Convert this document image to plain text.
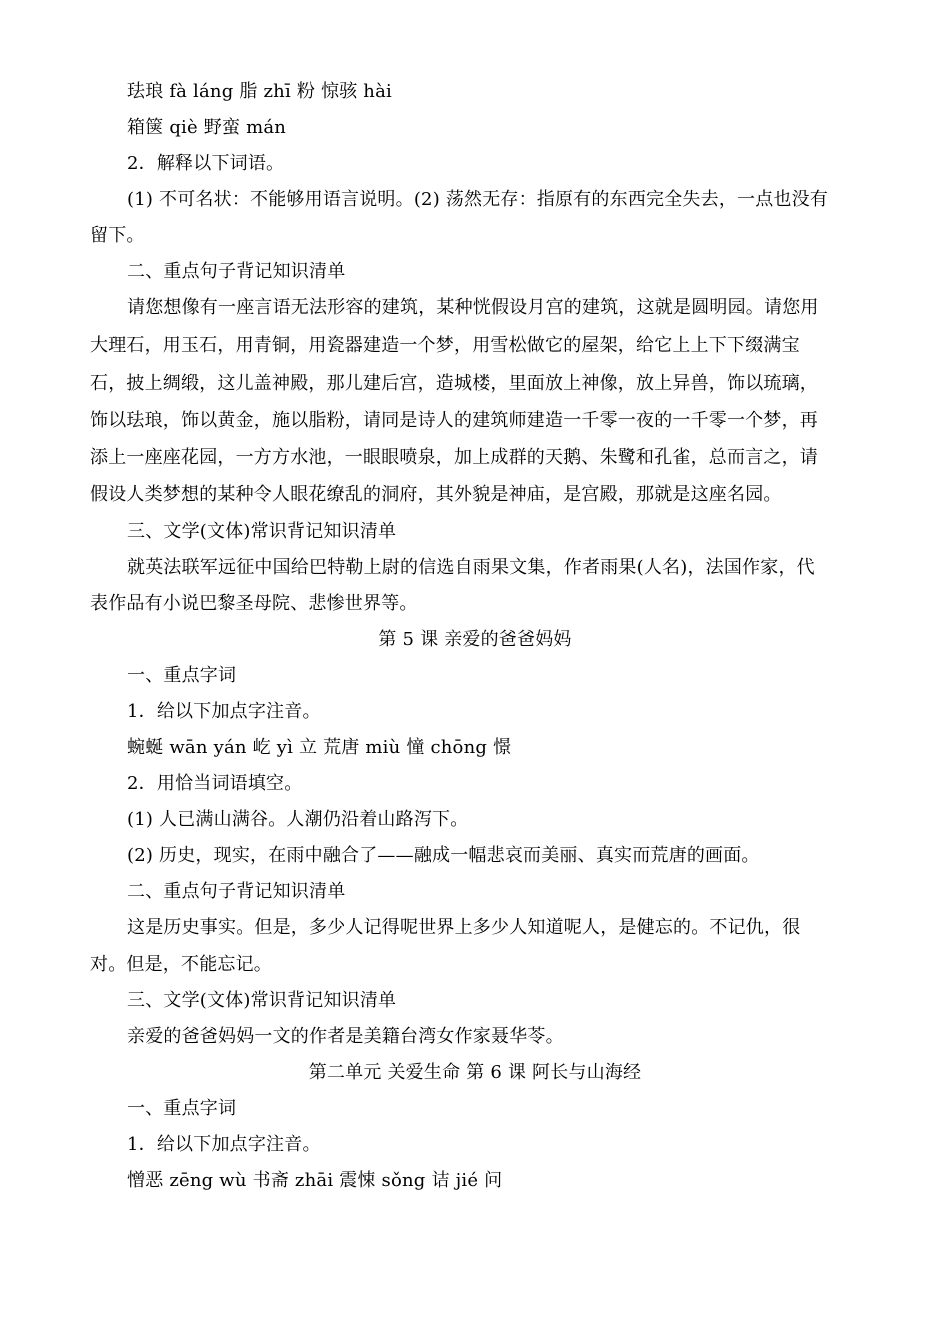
珐琅 fà láng 脂 zhī 粉 惊骇 hài
箱箧 qiè 野蛮 mán
2．解释以下词语。
(1) 不可名状：不能够用语言说明。(2) 荡然无存：指原有的东西完全失去，一点也没有
留下。
二、重点句子背记知识清单
请您想像有一座言语无法形容的建筑，某种恍假设月宫的建筑，这就是圆明园。请您用
大理石，用玉石，用青铜，用瓷器建造一个梦，用雪松做它的屋架，给它上上下下缀满宝
石，披上绸缎，这儿盖神殿，那儿建后宫，造城楼，里面放上神像，放上异兽，饰以琉璃，
饰以珐琅，饰以黄金，施以脂粉，请同是诗人的建筑师建造一千零一夜的一千零一个梦，再
添上一座座花园，一方方水池，一眼眼喷泉，加上成群的天鹅、朱鹭和孔雀，总而言之，请
假设人类梦想的某种令人眼花缭乱的洞府，其外貌是神庙，是宫殿，那就是这座名园。
三、文学(文体)常识背记知识清单
就英法联军远征中国给巴特勒上尉的信选自雨果文集，作者雨果(人名)，法国作家，代
表作品有小说巴黎圣母院、悲惨世界等。
第 5 课 亲爱的爸爸妈妈
一、重点字词
1．给以下加点字注音。
蜿蜒 wān yán 屹 yì 立 荒唐 miù 憧 chōng 憬
2．用恰当词语填空。
(1) 人已满山满谷。人潮仍沿着山路泻下。
(2) 历史，现实，在雨中融合了——融成一幅悲哀而美丽、真实而荒唐的画面。
二、重点句子背记知识清单
这是历史事实。但是，多少人记得呢世界上多少人知道呢人，是健忘的。不记仇，很
对。但是，不能忘记。
三、文学(文体)常识背记知识清单
亲爱的爸爸妈妈一文的作者是美籍台湾女作家聂华苓。
第二单元 关爱生命 第 6 课 阿长与山海经
一、重点字词
1．给以下加点字注音。
憎恶 zēng wù 书斋 zhāi 震悚 sǒng 诘 jié 问
